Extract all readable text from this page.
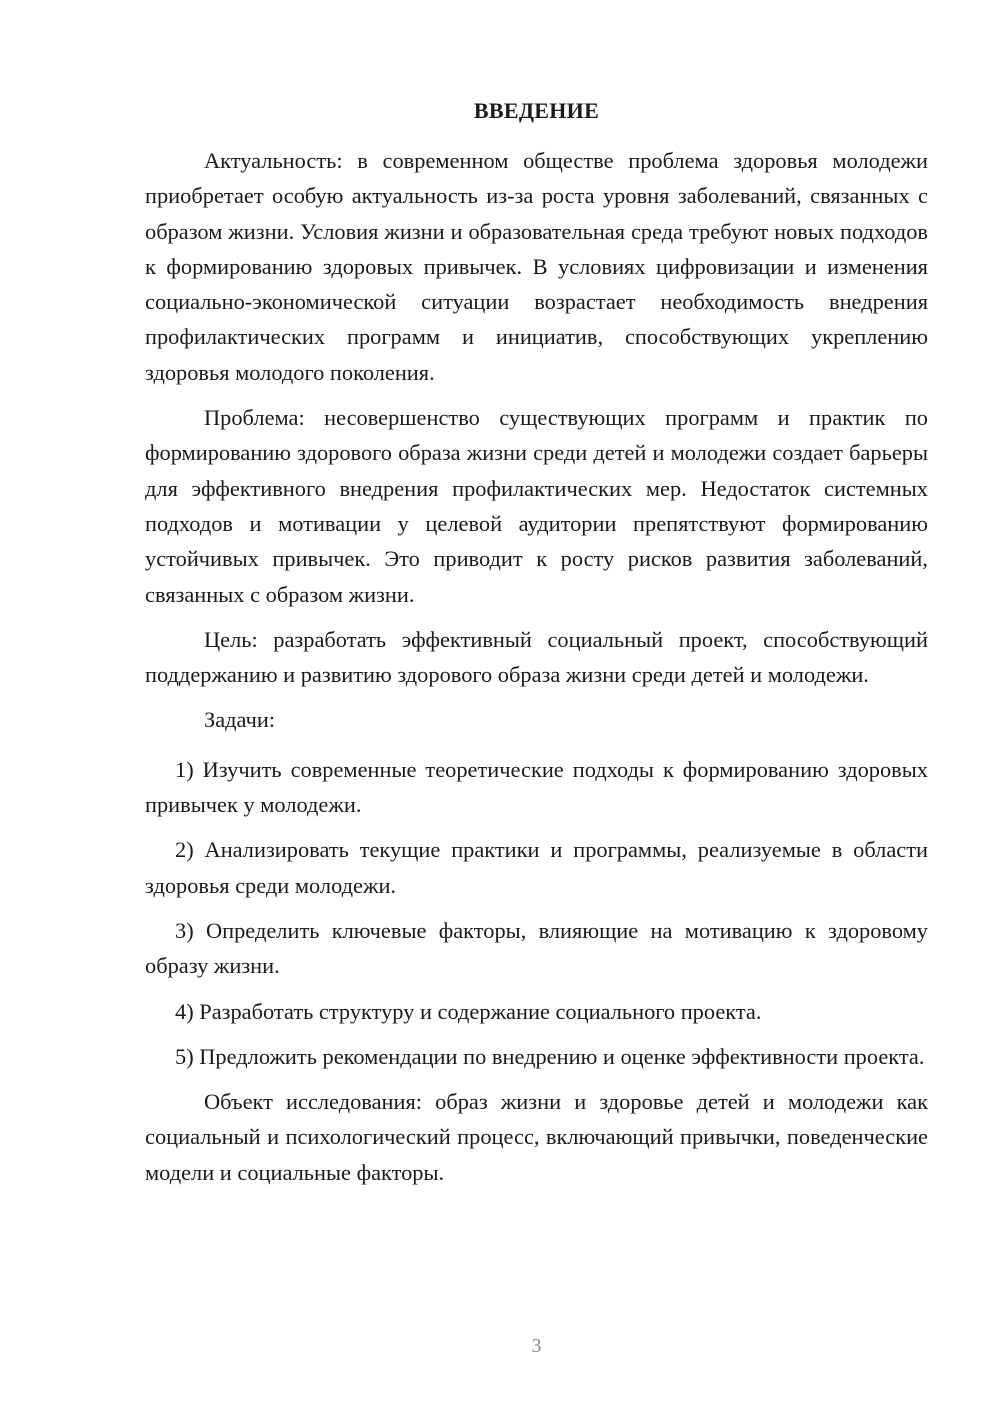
ВВЕДЕНИЕ

Актуальность: в современном обществе проблема здоровья молодежи приобретает особую актуальность из-за роста уровня заболеваний, связанных с образом жизни. Условия жизни и образовательная среда требуют новых подходов к формированию здоровых привычек. В условиях цифровизации и изменения социально-экономической ситуации возрастает необходимость внедрения профилактических программ и инициатив, способствующих укреплению здоровья молодого поколения.

Проблема: несовершенство существующих программ и практик по формированию здорового образа жизни среди детей и молодежи создает барьеры для эффективного внедрения профилактических мер. Недостаток системных подходов и мотивации у целевой аудитории препятствуют формированию устойчивых привычек. Это приводит к росту рисков развития заболеваний, связанных с образом жизни.

Цель: разработать эффективный социальный проект, способствующий поддержанию и развитию здорового образа жизни среди детей и молодежи.

Задачи:

1) Изучить современные теоретические подходы к формированию здоровых привычек у молодежи.

2) Анализировать текущие практики и программы, реализуемые в области здоровья среди молодежи.

3) Определить ключевые факторы, влияющие на мотивацию к здоровому образу жизни.

4) Разработать структуру и содержание социального проекта.

5) Предложить рекомендации по внедрению и оценке эффективности проекта.

Объект исследования: образ жизни и здоровье детей и молодежи как социальный и психологический процесс, включающий привычки, поведенческие модели и социальные факторы.

3
